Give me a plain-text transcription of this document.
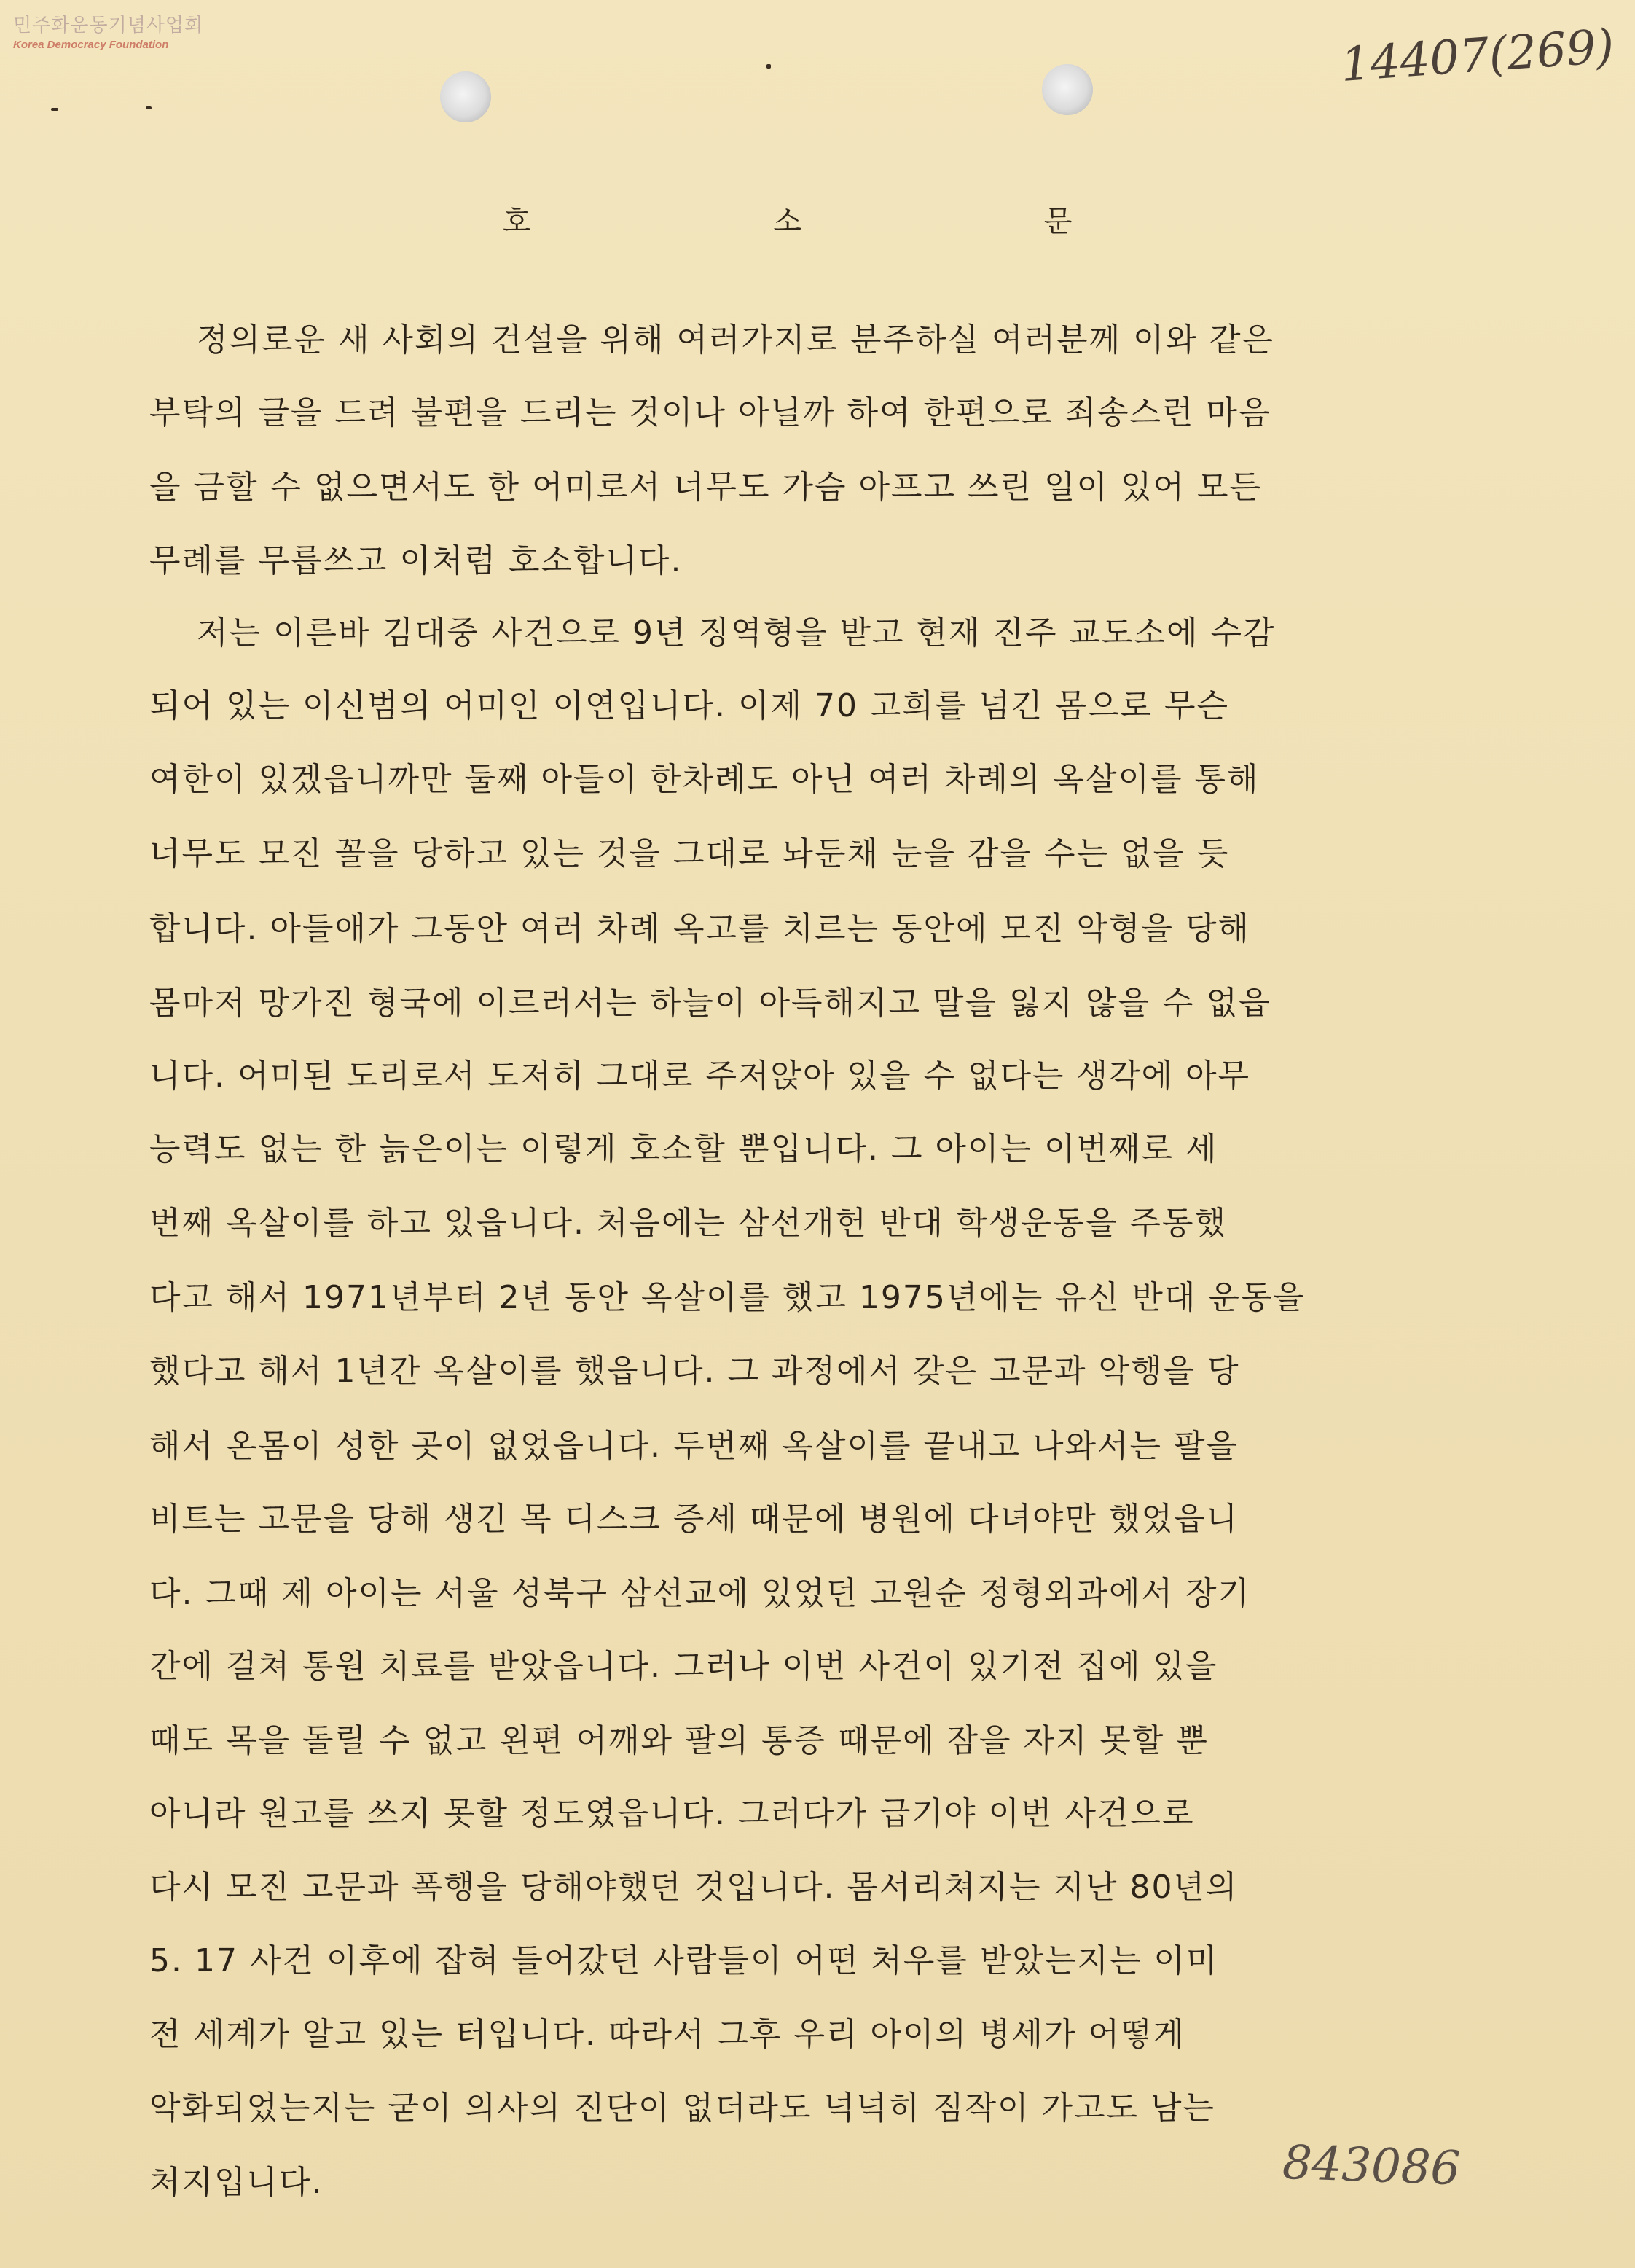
민주화운동기념사업회
Korea Democracy Foundation	14407(269)
호 소 문
정의로운 새 사회의 건설을 위해 여러가지로 분주하실 여러분께 이와 같은
부탁의 글을 드려 불편을 드리는 것이나 아닐까 하여 한편으로 죄송스런 마음
을 금할 수 없으면서도 한 어미로서 너무도 가슴 아프고 쓰린 일이 있어 모든
무례를 무릅쓰고 이처럼 호소합니다.
저는 이른바 김대중 사건으로 9년 징역형을 받고 현재 진주 교도소에 수감
되어 있는 이신범의 어미인 이연입니다. 이제 70 고희를 넘긴 몸으로 무슨
여한이 있겠읍니까만 둘째 아들이 한차례도 아닌 여러 차례의 옥살이를 통해
너무도 모진 꼴을 당하고 있는 것을 그대로 놔둔채 눈을 감을 수는 없을 듯
합니다. 아들애가 그동안 여러 차례 옥고를 치르는 동안에 모진 악형을 당해
몸마저 망가진 형국에 이르러서는 하늘이 아득해지고 말을 잃지 않을 수 없읍
니다. 어미된 도리로서 도저히 그대로 주저앉아 있을 수 없다는 생각에 아무
능력도 없는 한 늙은이는 이렇게 호소할 뿐입니다. 그 아이는 이번째로 세
번째 옥살이를 하고 있읍니다. 처음에는 삼선개헌 반대 학생운동을 주동했
다고 해서 1971년부터 2년 동안 옥살이를 했고 1975년에는 유신 반대 운동을
했다고 해서 1년간 옥살이를 했읍니다. 그 과정에서 갖은 고문과 악행을 당
해서 온몸이 성한 곳이 없었읍니다. 두번째 옥살이를 끝내고 나와서는 팔을
비트는 고문을 당해 생긴 목 디스크 증세 때문에 병원에 다녀야만 했었읍니
다. 그때 제 아이는 서울 성북구 삼선교에 있었던 고원순 정형외과에서 장기
간에 걸쳐 통원 치료를 받았읍니다. 그러나 이번 사건이 있기전 집에 있을
때도 목을 돌릴 수 없고 왼편 어깨와 팔의 통증 때문에 잠을 자지 못할 뿐
아니라 원고를 쓰지 못할 정도였읍니다. 그러다가 급기야 이번 사건으로
다시 모진 고문과 폭행을 당해야했던 것입니다. 몸서리쳐지는 지난 80년의
5. 17 사건 이후에 잡혀 들어갔던 사람들이 어떤 처우를 받았는지는 이미
전 세계가 알고 있는 터입니다. 따라서 그후 우리 아이의 병세가 어떻게
악화되었는지는 굳이 의사의 진단이 없더라도 넉넉히 짐작이 가고도 남는
처지입니다.	843086
